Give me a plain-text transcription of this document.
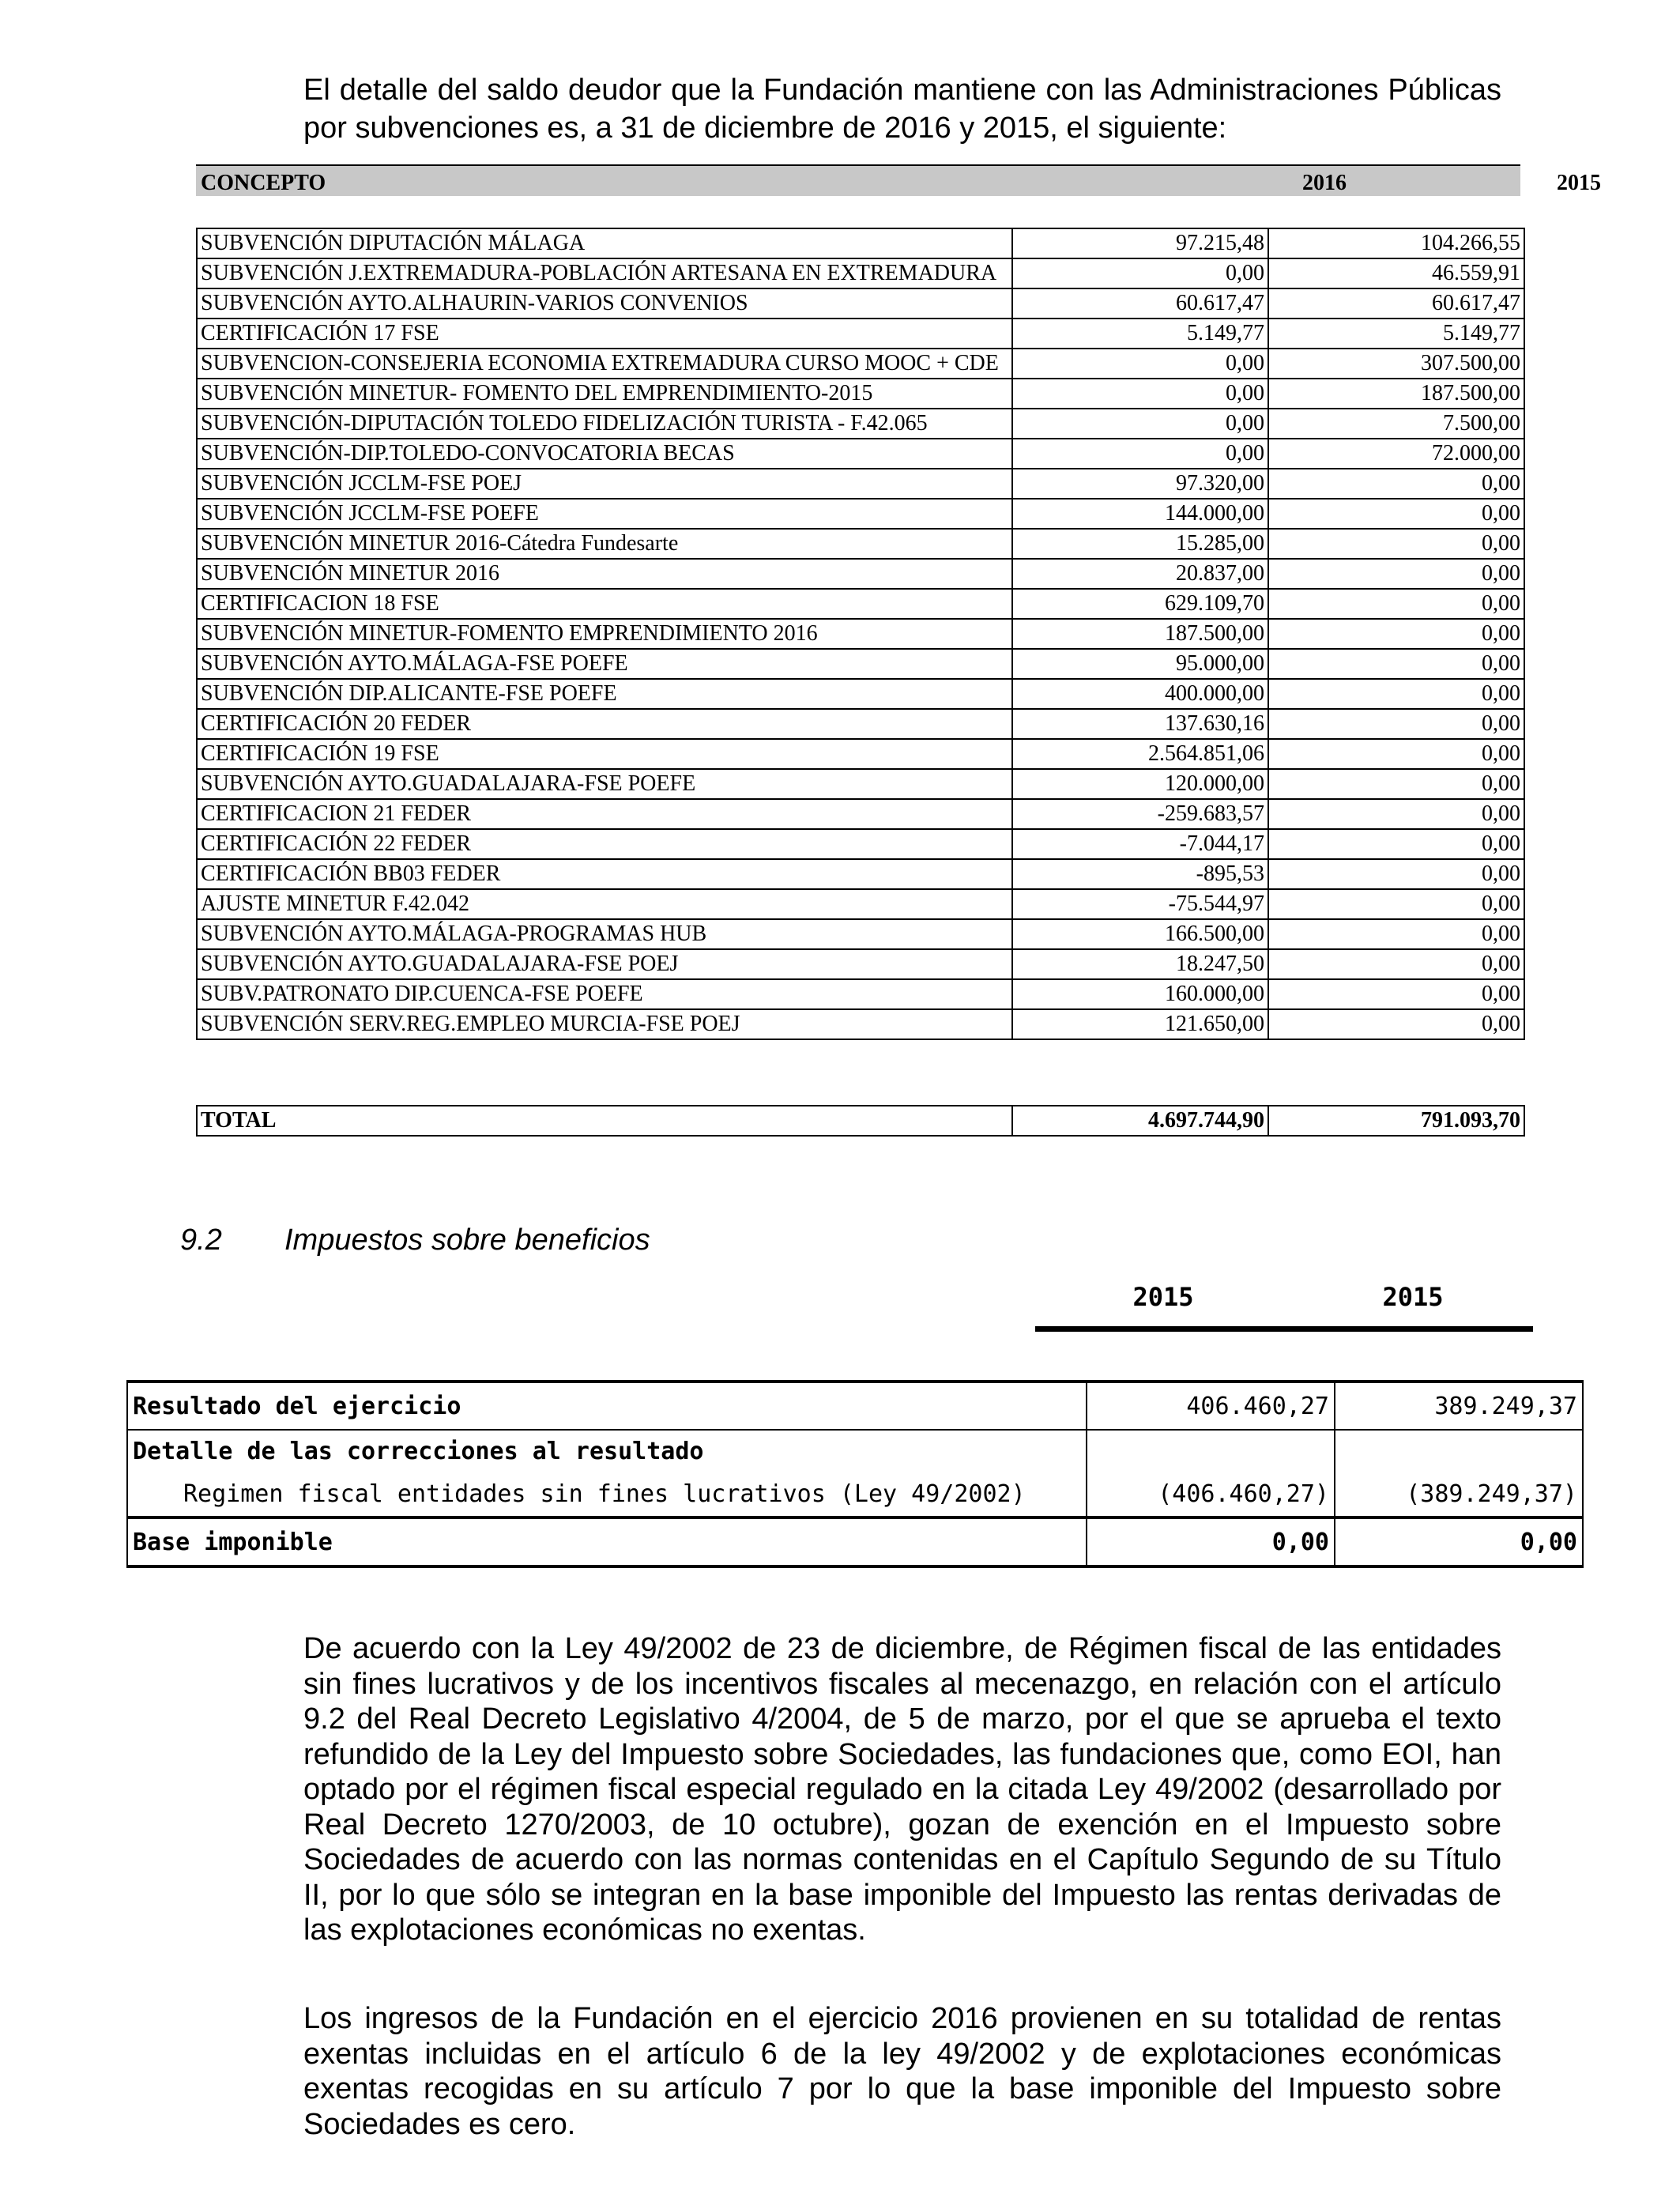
El detalle del saldo deudor que la Fundación mantiene con las Administraciones Públicas por subvenciones es, a 31 de diciembre de 2016 y 2015, el siguiente:

CONCEPTO	2016	2015
SUBVENCIÓN DIPUTACIÓN MÁLAGA	97.215,48	104.266,55
SUBVENCIÓN J.EXTREMADURA-POBLACIÓN ARTESANA EN EXTREMADURA	0,00	46.559,91
SUBVENCIÓN AYTO.ALHAURIN-VARIOS CONVENIOS	60.617,47	60.617,47
CERTIFICACIÓN 17 FSE	5.149,77	5.149,77
SUBVENCION-CONSEJERIA ECONOMIA EXTREMADURA CURSO MOOC + CDE	0,00	307.500,00
SUBVENCIÓN MINETUR- FOMENTO DEL EMPRENDIMIENTO-2015	0,00	187.500,00
SUBVENCIÓN-DIPUTACIÓN TOLEDO FIDELIZACIÓN TURISTA - F.42.065	0,00	7.500,00
SUBVENCIÓN-DIP.TOLEDO-CONVOCATORIA BECAS	0,00	72.000,00
SUBVENCIÓN JCCLM-FSE POEJ	97.320,00	0,00
SUBVENCIÓN JCCLM-FSE POEFE	144.000,00	0,00
SUBVENCIÓN MINETUR 2016-Cátedra Fundesarte	15.285,00	0,00
SUBVENCIÓN MINETUR 2016	20.837,00	0,00
CERTIFICACION 18 FSE	629.109,70	0,00
SUBVENCIÓN MINETUR-FOMENTO EMPRENDIMIENTO 2016	187.500,00	0,00
SUBVENCIÓN AYTO.MÁLAGA-FSE POEFE	95.000,00	0,00
SUBVENCIÓN DIP.ALICANTE-FSE POEFE	400.000,00	0,00
CERTIFICACIÓN 20 FEDER	137.630,16	0,00
CERTIFICACIÓN 19 FSE	2.564.851,06	0,00
SUBVENCIÓN AYTO.GUADALAJARA-FSE POEFE	120.000,00	0,00
CERTIFICACION 21 FEDER	-259.683,57	0,00
CERTIFICACIÓN 22 FEDER	-7.044,17	0,00
CERTIFICACIÓN BB03 FEDER	-895,53	0,00
AJUSTE MINETUR F.42.042	-75.544,97	0,00
SUBVENCIÓN AYTO.MÁLAGA-PROGRAMAS HUB	166.500,00	0,00
SUBVENCIÓN AYTO.GUADALAJARA-FSE POEJ	18.247,50	0,00
SUBV.PATRONATO DIP.CUENCA-FSE POEFE	160.000,00	0,00
SUBVENCIÓN SERV.REG.EMPLEO MURCIA-FSE POEJ	121.650,00	0,00
TOTAL	4.697.744,90	791.093,70
9.2 Impuestos sobre beneficios
2015	2015
Resultado del ejercicio	406.460,27	389.249,37
Detalle de las correcciones al resultado		
Regimen fiscal entidades sin fines lucrativos (Ley 49/2002)	(406.460,27)	(389.249,37)
Base imponible	0,00	0,00

De acuerdo con la Ley 49/2002 de 23 de diciembre, de Régimen fiscal de las entidades sin fines lucrativos y de los incentivos fiscales al mecenazgo, en relación con el artículo 9.2 del Real Decreto Legislativo 4/2004, de 5 de marzo, por el que se aprueba el texto refundido de la Ley del Impuesto sobre Sociedades, las fundaciones que, como EOI, han optado por el régimen fiscal especial regulado en la citada Ley 49/2002 (desarrollado por Real Decreto 1270/2003, de 10 octubre), gozan de exención en el Impuesto sobre Sociedades de acuerdo con las normas contenidas en el Capítulo Segundo de su Título II, por lo que sólo se integran en la base imponible del Impuesto las rentas derivadas de las explotaciones económicas no exentas.

Los ingresos de la Fundación en el ejercicio 2016 provienen en su totalidad de rentas exentas incluidas en el artículo 6 de la ley 49/2002 y de explotaciones económicas exentas recogidas en su artículo 7 por lo que la base imponible del Impuesto sobre Sociedades es cero.
